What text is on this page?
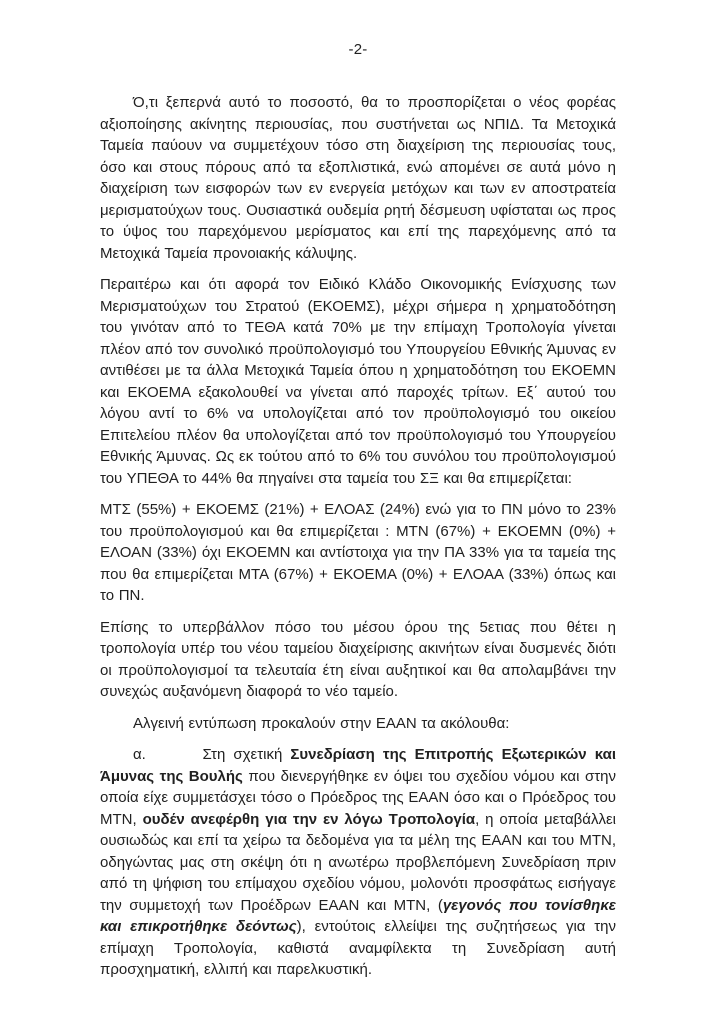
-2-

Ό,τι ξεπερνά αυτό το ποσοστό, θα το προσπορίζεται ο νέος φορέας αξιοποίησης ακίνητης περιουσίας, που συστήνεται ως ΝΠΙΔ. Τα Μετοχικά Ταμεία παύουν να συμμετέχουν τόσο στη διαχείριση της περιουσίας τους, όσο και στους πόρους από τα εξοπλιστικά, ενώ απομένει σε αυτά μόνο η διαχείριση των εισφορών των εν ενεργεία μετόχων και των εν αποστρατεία μερισματούχων τους. Ουσιαστικά ουδεμία ρητή δέσμευση υφίσταται ως προς το ύψος του παρεχόμενου μερίσματος και επί της παρεχόμενης από τα Μετοχικά Ταμεία προνοιακής κάλυψης.

Περαιτέρω και ότι αφορά τον Ειδικό Κλάδο Οικονομικής Ενίσχυσης των Μερισματούχων του Στρατού (ΕΚΟΕΜΣ), μέχρι σήμερα η χρηματοδότηση του γινόταν από το ΤΕΘΑ κατά 70% με την επίμαχη Τροπολογία γίνεται πλέον από τον συνολικό προϋπολογισμό του Υπουργείου Εθνικής Άμυνας εν αντιθέσει με τα άλλα Μετοχικά Ταμεία όπου η χρηματοδότηση του ΕΚΟΕΜΝ και ΕΚΟΕΜΑ εξακολουθεί να γίνεται από παροχές τρίτων. Εξ΄ αυτού του λόγου αντί το 6% να υπολογίζεται από τον προϋπολογισμό του οικείου Επιτελείου πλέον θα υπολογίζεται από τον προϋπολογισμό του Υπουργείου Εθνικής Άμυνας. Ως εκ τούτου από το 6% του συνόλου του προϋπολογισμού του ΥΠΕΘΑ το 44% θα πηγαίνει στα ταμεία του ΣΞ και θα επιμερίζεται:

ΜΤΣ (55%) + ΕΚΟΕΜΣ (21%) + ΕΛΟΑΣ (24%) ενώ για το ΠΝ μόνο το 23% του προϋπολογισμού και θα επιμερίζεται : ΜΤΝ (67%) + ΕΚΟΕΜΝ (0%) + ΕΛΟΑΝ (33%) όχι ΕΚΟΕΜΝ και αντίστοιχα για την ΠΑ 33% για τα ταμεία της που θα επιμερίζεται ΜΤΑ (67%) + ΕΚΟΕΜΑ (0%) + ΕΛΟΑΑ (33%) όπως και το ΠΝ.

Επίσης το υπερβάλλον πόσο του μέσου όρου της 5ετιας που θέτει η τροπολογία υπέρ του νέου ταμείου διαχείρισης ακινήτων είναι δυσμενές διότι οι προϋπολογισμοί τα τελευταία έτη είναι αυξητικοί και θα απολαμβάνει την συνεχώς αυξανόμενη διαφορά το νέο ταμείο.

Αλγεινή εντύπωση προκαλούν στην ΕΑΑΝ τα ακόλουθα:

α.       Στη σχετική Συνεδρίαση της Επιτροπής Εξωτερικών και Άμυνας της Βουλής που διενεργήθηκε εν όψει του σχεδίου νόμου και στην οποία είχε συμμετάσχει τόσο ο Πρόεδρος της ΕΑΑΝ όσο και ο Πρόεδρος του ΜΤΝ, ουδέν ανεφέρθη για την εν λόγω Τροπολογία, η οποία μεταβάλλει ουσιωδώς και επί τα χείρω τα δεδομένα για τα μέλη της ΕΑΑΝ και του ΜΤΝ, οδηγώντας μας στη σκέψη ότι η ανωτέρω προβλεπόμενη Συνεδρίαση πριν από τη ψήφιση του επίμαχου σχεδίου νόμου, μολονότι προσφάτως εισήγαγε την συμμετοχή των Προέδρων ΕΑΑΝ και ΜΤΝ, (γεγονός που τονίσθηκε και επικροτήθηκε δεόντως), εντούτοις ελλείψει της συζητήσεως για την επίμαχη Τροπολογία, καθιστά αναμφίλεκτα τη Συνεδρίαση αυτή προσχηματική, ελλιπή και παρελκυστική.
